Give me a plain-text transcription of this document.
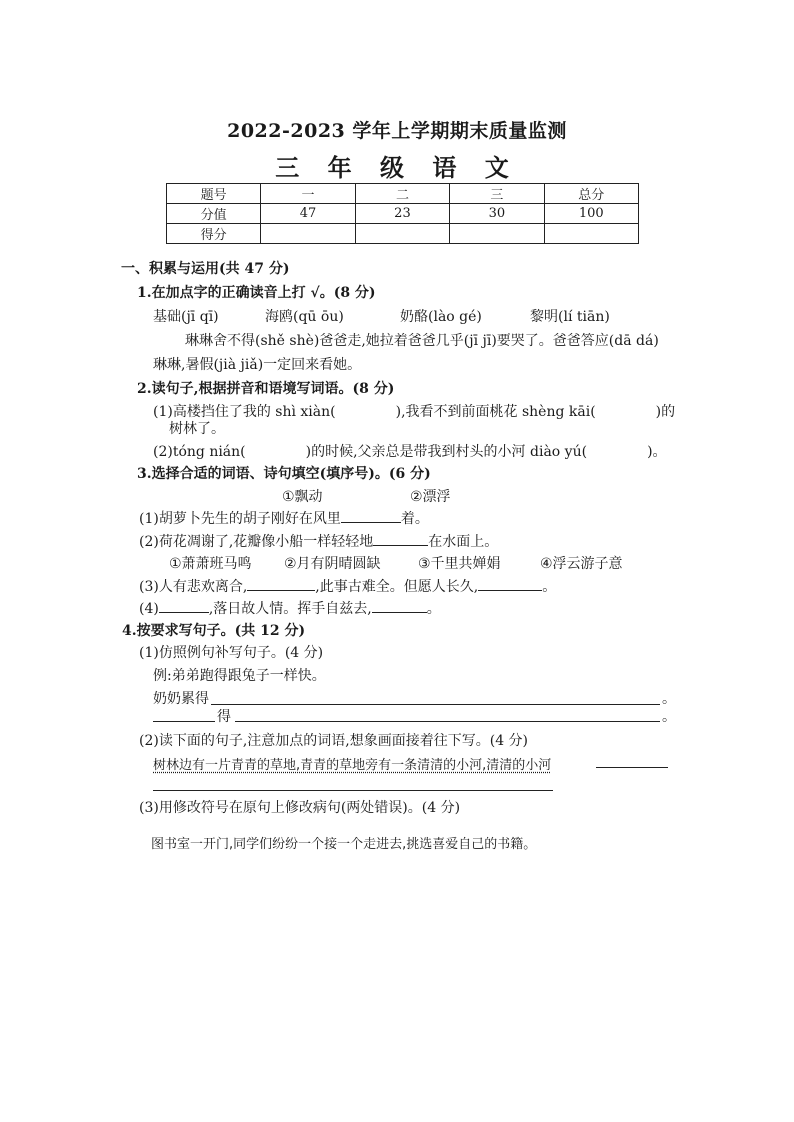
2022-2023 学年上学期期末质量监测
三 年 级 语 文
题号	一	二	三	总分
分值	47	23	30	100
得分				
一、积累与运用(共 47 分)
1.在加点字的正确读音上打 √。(8 分)
基础(jī qī)	海鸥(qū ōu)	奶酪(lào gé)	黎明(lí tiān)
琳琳舍不得(shě shè)爸爸走,她拉着爸爸几乎(jī jī)要哭了。爸爸答应(dā dá)
琳琳,暑假(jià jiǎ)一定回来看她。
2.读句子,根据拼音和语境写词语。(8 分)
(1)高楼挡住了我的 shì xiàn(	),我看不到前面桃花 shèng kāi(	)的
树林了。
(2)tóng nián(	)的时候,父亲总是带我到村头的小河 diào yú(	)。
3.选择合适的词语、诗句填空(填序号)。(6 分)
①飘动	②漂浮
(1)胡萝卜先生的胡子刚好在风里	着。
(2)荷花凋谢了,花瓣像小船一样轻轻地	在水面上。
①萧萧班马鸣 ②月有阴晴圆缺	③千里共婵娟	④浮云游子意
(3)人有悲欢离合,	,此事古难全。但愿人长久,	。
(4)	,落日故人情。挥手自兹去,	。
4.按要求写句子。(共 12 分)
(1)仿照例句补写句子。(4 分)
例:弟弟跑得跟兔子一样快。
奶奶累得	。
得	。
(2)读下面的句子,注意加点的词语,想象画面接着往下写。(4 分)
树林边有一片青青的草地,青青的草地旁有一条清清的小河,清清的小河
(3)用修改符号在原句上修改病句(两处错误)。(4 分)
图书室一开门,同学们纷纷一个接一个走进去,挑选喜爱自己的书籍。
